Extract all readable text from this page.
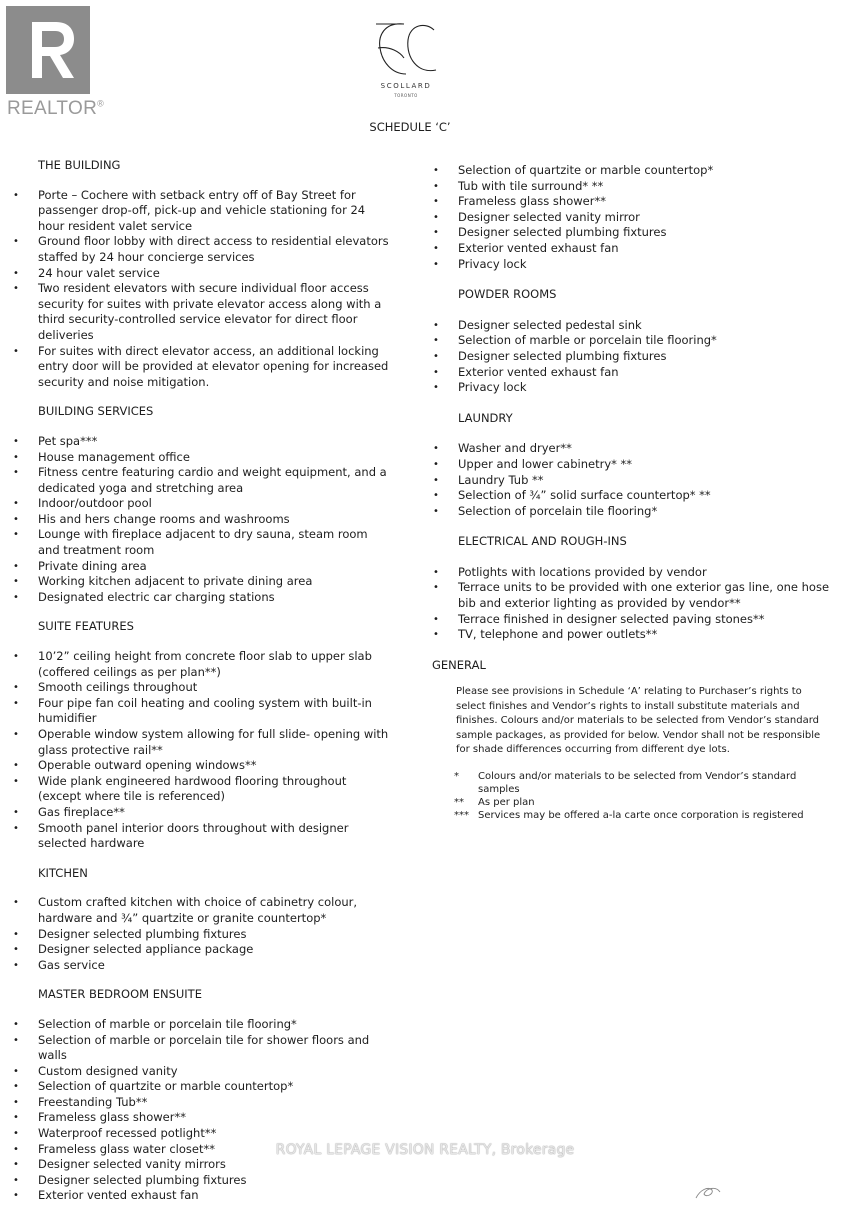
REALTOR®
SCOLLARD
TORONTO
SCHEDULE ‘C’
THE BUILDING
• Porte – Cochere with setback entry off of Bay Street for passenger drop-off, pick-up and vehicle stationing for 24 hour resident valet service
• Ground floor lobby with direct access to residential elevators staffed by 24 hour concierge services
• 24 hour valet service
• Two resident elevators with secure individual floor access security for suites with private elevator access along with a third security-controlled service elevator for direct floor deliveries
• For suites with direct elevator access, an additional locking entry door will be provided at elevator opening for increased security and noise mitigation.
BUILDING SERVICES
• Pet spa***
• House management office
• Fitness centre featuring cardio and weight equipment, and a dedicated yoga and stretching area
• Indoor/outdoor pool
• His and hers change rooms and washrooms
• Lounge with fireplace adjacent to dry sauna, steam room and treatment room
• Private dining area
• Working kitchen adjacent to private dining area
• Designated electric car charging stations
SUITE FEATURES
• 10’2” ceiling height from concrete floor slab to upper slab (coffered ceilings as per plan**)
• Smooth ceilings throughout
• Four pipe fan coil heating and cooling system with built-in humidifier
• Operable window system allowing for full slide- opening with glass protective rail**
• Operable outward opening windows**
• Wide plank engineered hardwood flooring throughout (except where tile is referenced)
• Gas fireplace**
• Smooth panel interior doors throughout with designer selected hardware
KITCHEN
• Custom crafted kitchen with choice of cabinetry colour, hardware and ¾” quartzite or granite countertop*
• Designer selected plumbing fixtures
• Designer selected appliance package
• Gas service
MASTER BEDROOM ENSUITE
• Selection of marble or porcelain tile flooring*
• Selection of marble or porcelain tile for shower floors and walls
• Custom designed vanity
• Selection of quartzite or marble countertop*
• Freestanding Tub**
• Frameless glass shower**
• Waterproof recessed potlight**
• Frameless glass water closet**
• Designer selected vanity mirrors
• Designer selected plumbing fixtures
• Exterior vented exhaust fan
• Selection of quartzite or marble countertop*
• Tub with tile surround* **
• Frameless glass shower**
• Designer selected vanity mirror
• Designer selected plumbing fixtures
• Exterior vented exhaust fan
• Privacy lock
POWDER ROOMS
• Designer selected pedestal sink
• Selection of marble or porcelain tile flooring*
• Designer selected plumbing fixtures
• Exterior vented exhaust fan
• Privacy lock
LAUNDRY
• Washer and dryer**
• Upper and lower cabinetry* **
• Laundry Tub **
• Selection of ¾” solid surface countertop* **
• Selection of porcelain tile flooring*
ELECTRICAL AND ROUGH-INS
• Potlights with locations provided by vendor
• Terrace units to be provided with one exterior gas line, one hose bib and exterior lighting as provided by vendor**
• Terrace finished in designer selected paving stones**
• TV, telephone and power outlets**
GENERAL
Please see provisions in Schedule ‘A’ relating to Purchaser’s rights to select finishes and Vendor’s rights to install substitute materials and finishes. Colours and/or materials to be selected from Vendor’s standard sample packages, as provided for below. Vendor shall not be responsible for shade differences occurring from different dye lots.
* Colours and/or materials to be selected from Vendor’s standard samples
** As per plan
*** Services may be offered a-la carte once corporation is registered
ROYAL LEPAGE VISION REALTY, Brokerage
